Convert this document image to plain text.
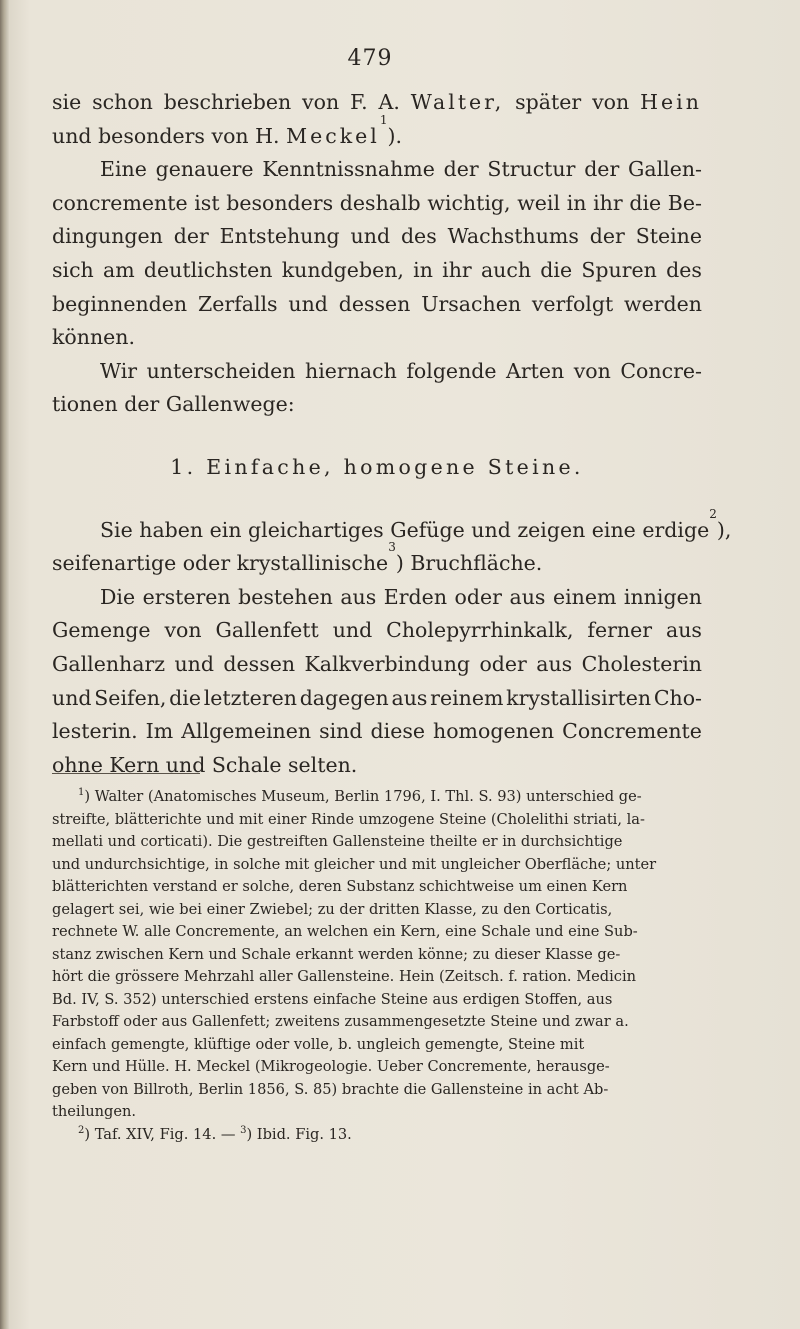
479
sie schon beschrieben von F. A. Walter, später von Hein
und
besonders
von
H.
Meckel
1
).
Eine genauere Kenntnissnahme der Structur der Gallen-
concremente ist besonders deshalb wichtig, weil in ihr die Be-
dingungen der Entstehung und des Wachsthums der Steine
sich am deutlichsten kundgeben, in ihr auch die Spuren des
beginnenden Zerfalls und dessen Ursachen verfolgt werden
können.
Wir unterscheiden hiernach folgende Arten von Concre-
tionen
der
Gallenwege:
1. Einfache, homogene Steine.
Sie haben ein gleichartiges Gefüge und zeigen eine erdige
2
),
seifenartige oder krystallinische
3
) Bruchfläche.
Die ersteren bestehen aus Erden oder aus einem innigen
Gemenge von Gallenfett und Cholepyrrhinkalk, ferner aus
Gallenharz und dessen Kalkverbindung oder aus Cholesterin
und Seifen, die letzteren dagegen aus reinem krystallisirten Cho-
lesterin. Im Allgemeinen sind diese homogenen Concremente
ohne Kern und Schale selten.
$^1$) Walter (Anatomisches Museum, Berlin 1796, I. Thl. S. 93) unterschied ge-
streifte, blätterichte und mit einer Rinde umzogene Steine (Cholelithi striati, la-
mellati und corticati). Die gestreiften Gallensteine theilte er in durchsichtige
und undurchsichtige, in solche mit gleicher und mit ungleicher Oberfläche; unter
blätterichten verstand er solche, deren Substanz schichtweise um einen Kern
gelagert sei, wie bei einer Zwiebel; zu der dritten Klasse, zu den Corticatis,
rechnete W. alle Concremente, an welchen ein Kern, eine Schale und eine Sub-
stanz zwischen Kern und Schale erkannt werden könne; zu dieser Klasse ge-
hört die grössere Mehrzahl aller Gallensteine. Hein (Zeitsch. f. ration. Medicin
Bd. IV, S. 352) unterschied erstens einfache Steine aus erdigen Stoffen, aus
Farbstoff oder aus Gallenfett; zweitens zusammengesetzte Steine und zwar a.
einfach gemengte, klüftige oder volle, b. ungleich gemengte, Steine mit
Kern und Hülle. H. Meckel (Mikrogeologie. Ueber Concremente, herausge-
geben von Billroth, Berlin 1856, S. 85) brachte die Gallensteine in acht Ab-
theilungen.
$^2$) Taf. XIV, Fig. 14. — $^3$) Ibid. Fig. 13.
